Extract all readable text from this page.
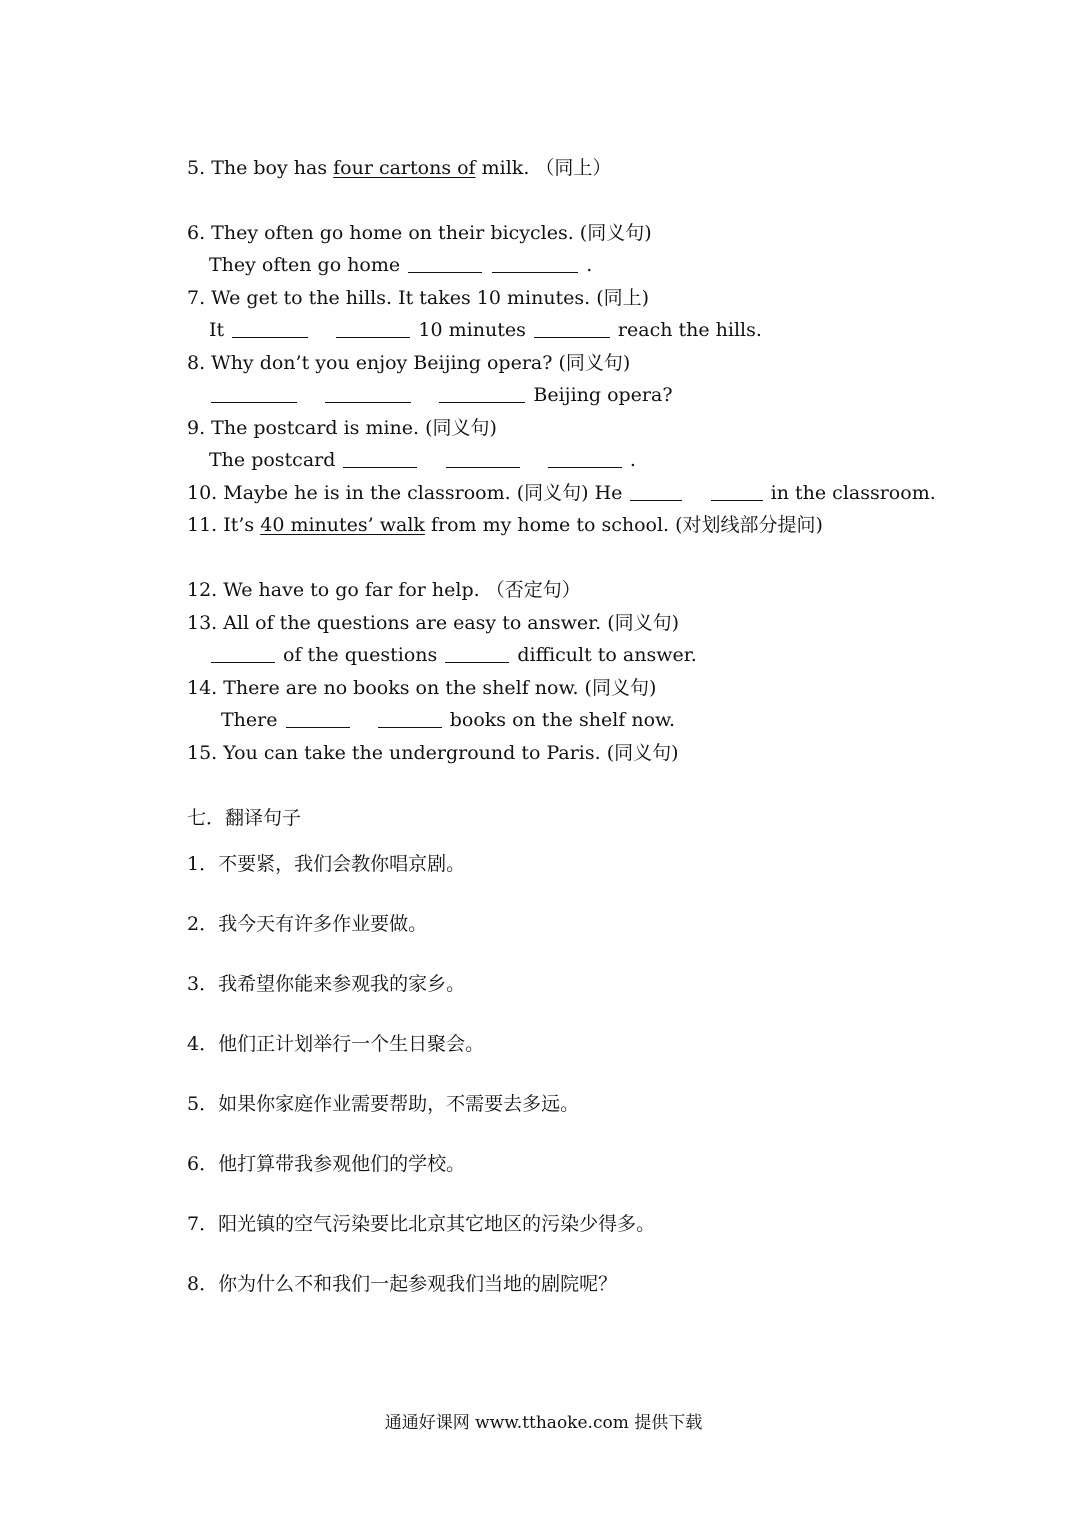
5. The boy has four cartons of milk. （同上）
6. They often go home on their bicycles. (同义句)
They often go home	.
7. We get to the hills. It takes 10 minutes. (同上)
It	10 minutes	reach the hills.
8. Why don’t you enjoy Beijing opera? (同义句)
Beijing opera?
9. The postcard is mine. (同义句)
The postcard	.
10. Maybe he is in the classroom. (同义句) He	in the classroom.
11. It’s 40 minutes’ walk from my home to school. (对划线部分提问)
12. We have to go far for help. （否定句）
13. All of the questions are easy to answer. (同义句)
of the questions	difficult to answer.
14. There are no books on the shelf now. (同义句)
There	books on the shelf now.
15. You can take the underground to Paris. (同义句)
七．翻译句子
1．不要紧，我们会教你唱京剧。
2．我今天有许多作业要做。
3．我希望你能来参观我的家乡。
4．他们正计划举行一个生日聚会。
5．如果你家庭作业需要帮助，不需要去多远。
6．他打算带我参观他们的学校。
7．阳光镇的空气污染要比北京其它地区的污染少得多。
8．你为什么不和我们一起参观我们当地的剧院呢？
通通好课网 www.tthaoke.com 提供下载
